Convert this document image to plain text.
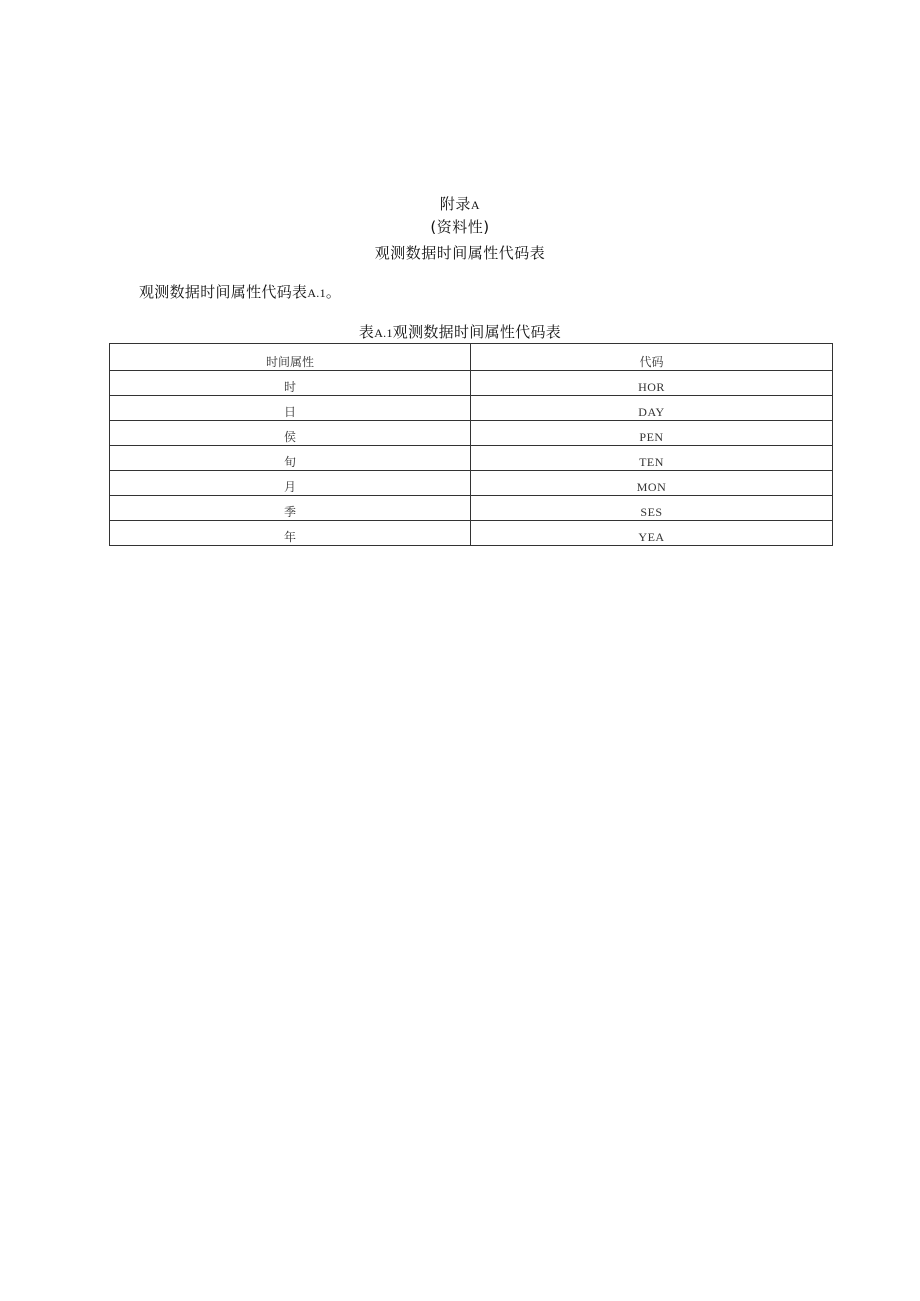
附录A
(资料性)
观测数据时间属性代码表
观测数据时间属性代码表A.1。
表A.1观测数据时间属性代码表
时间属性	代码
时	HOR
日	DAY
侯	PEN
旬	TEN
月	MON
季	SES
年	YEA
